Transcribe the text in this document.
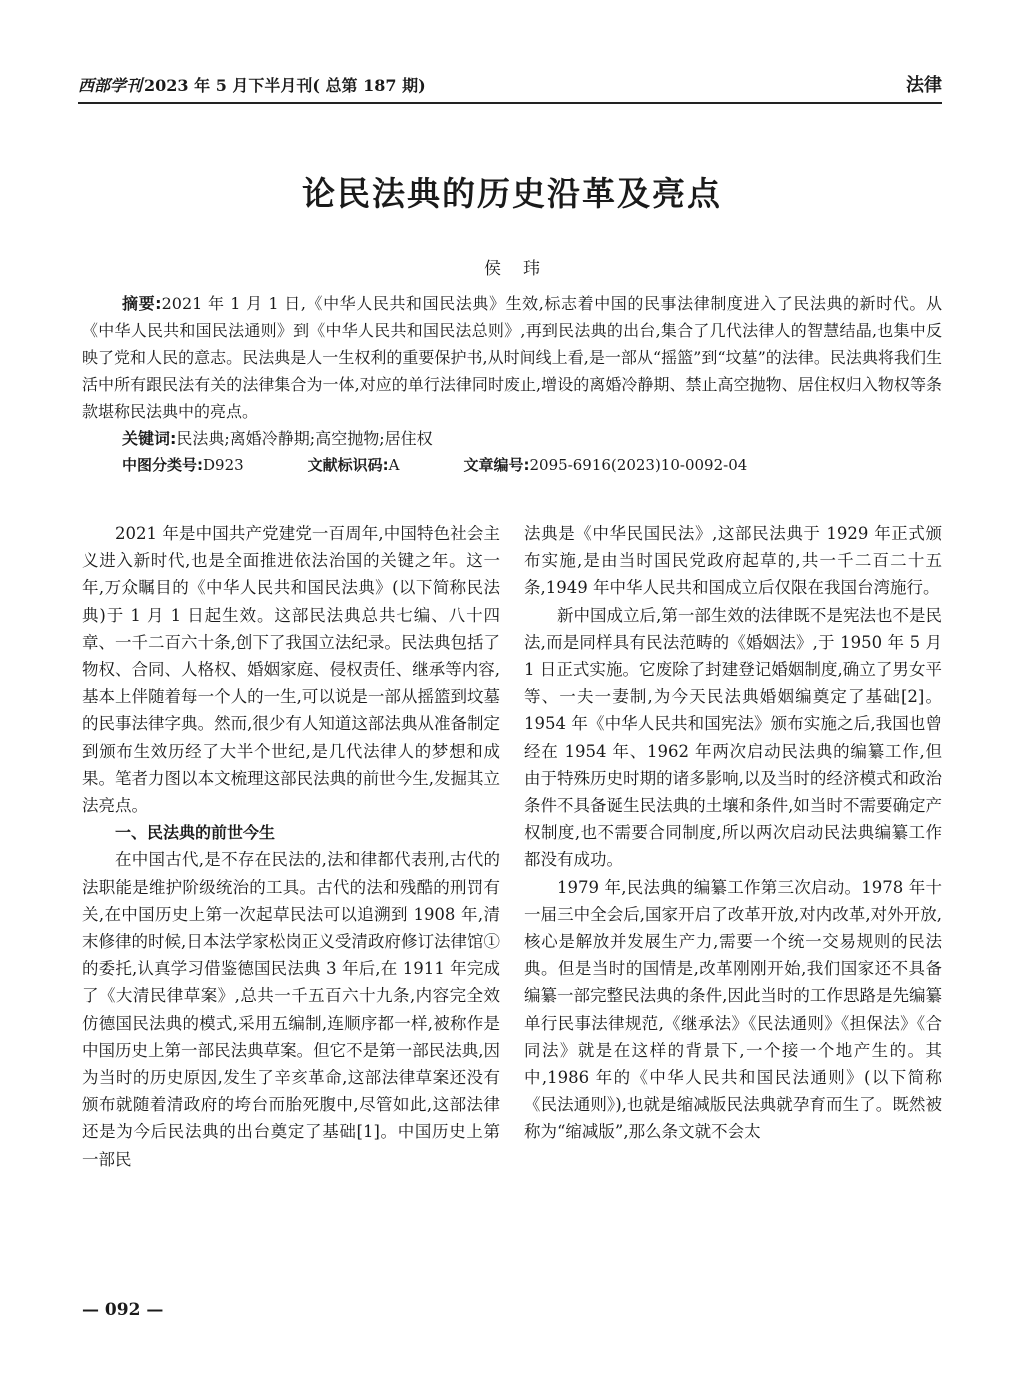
西部学刊 2023 年 5 月下半月刊( 总第 187 期)	法律
论民法典的历史沿革及亮点
侯玮

摘要:2021 年 1 月 1 日,《中华人民共和国民法典》生效,标志着中国的民事法律制度进入了民法典的新时代。从《中华人民共和国民法通则》到《中华人民共和国民法总则》,再到民法典的出台,集合了几代法律人的智慧结晶,也集中反映了党和人民的意志。民法典是人一生权利的重要保护书,从时间线上看,是一部从“摇篮”到“坟墓”的法律。民法典将我们生活中所有跟民法有关的法律集合为一体,对应的单行法律同时废止,增设的离婚冷静期、禁止高空抛物、居住权归入物权等条款堪称民法典中的亮点。

关键词:民法典;离婚冷静期;高空抛物;居住权

中图分类号:D923	文献标识码:A	文章编号:2095-6916(2023)10-0092-04

2021 年是中国共产党建党一百周年,中国特色社会主义进入新时代,也是全面推进依法治国的关键之年。这一年,万众瞩目的《中华人民共和国民法典》(以下简称民法典)于 1 月 1 日起生效。这部民法典总共七编、八十四章、一千二百六十条,创下了我国立法纪录。民法典包括了物权、合同、人格权、婚姻家庭、侵权责任、继承等内容,基本上伴随着每一个人的一生,可以说是一部从摇篮到坟墓的民事法律字典。然而,很少有人知道这部法典从准备制定到颁布生效历经了大半个世纪,是几代法律人的梦想和成果。笔者力图以本文梳理这部民法典的前世今生,发掘其立法亮点。

一、民法典的前世今生

在中国古代,是不存在民法的,法和律都代表刑,古代的法职能是维护阶级统治的工具。古代的法和残酷的刑罚有关,在中国历史上第一次起草民法可以追溯到 1908 年,清末修律的时候,日本法学家松岗正义受清政府修订法律馆①的委托,认真学习借鉴德国民法典 3 年后,在 1911 年完成了《大清民律草案》,总共一千五百六十九条,内容完全效仿德国民法典的模式,采用五编制,连顺序都一样,被称作是中国历史上第一部民法典草案。但它不是第一部民法典,因为当时的历史原因,发生了辛亥革命,这部法律草案还没有颁布就随着清政府的垮台而胎死腹中,尽管如此,这部法律还是为今后民法典的出台奠定了基础[1]。中国历史上第一部民

法典是《中华民国民法》,这部民法典于 1929 年正式颁布实施,是由当时国民党政府起草的,共一千二百二十五条,1949 年中华人民共和国成立后仅限在我国台湾施行。

新中国成立后,第一部生效的法律既不是宪法也不是民法,而是同样具有民法范畴的《婚姻法》,于 1950 年 5 月 1 日正式实施。它废除了封建登记婚姻制度,确立了男女平等、一夫一妻制,为今天民法典婚姻编奠定了基础[2]。1954 年《中华人民共和国宪法》颁布实施之后,我国也曾经在 1954 年、1962 年两次启动民法典的编纂工作,但由于特殊历史时期的诸多影响,以及当时的经济模式和政治条件不具备诞生民法典的土壤和条件,如当时不需要确定产权制度,也不需要合同制度,所以两次启动民法典编纂工作都没有成功。

1979 年,民法典的编纂工作第三次启动。1978 年十一届三中全会后,国家开启了改革开放,对内改革,对外开放,核心是解放并发展生产力,需要一个统一交易规则的民法典。但是当时的国情是,改革刚刚开始,我们国家还不具备编纂一部完整民法典的条件,因此当时的工作思路是先编纂单行民事法律规范,《继承法》《民法通则》《担保法》《合同法》就是在这样的背景下,一个接一个地产生的。其中,1986 年的《中华人民共和国民法通则》(以下简称《民法通则》),也就是缩减版民法典就孕育而生了。既然被称为“缩减版”,那么条文就不会太

— 092 —
